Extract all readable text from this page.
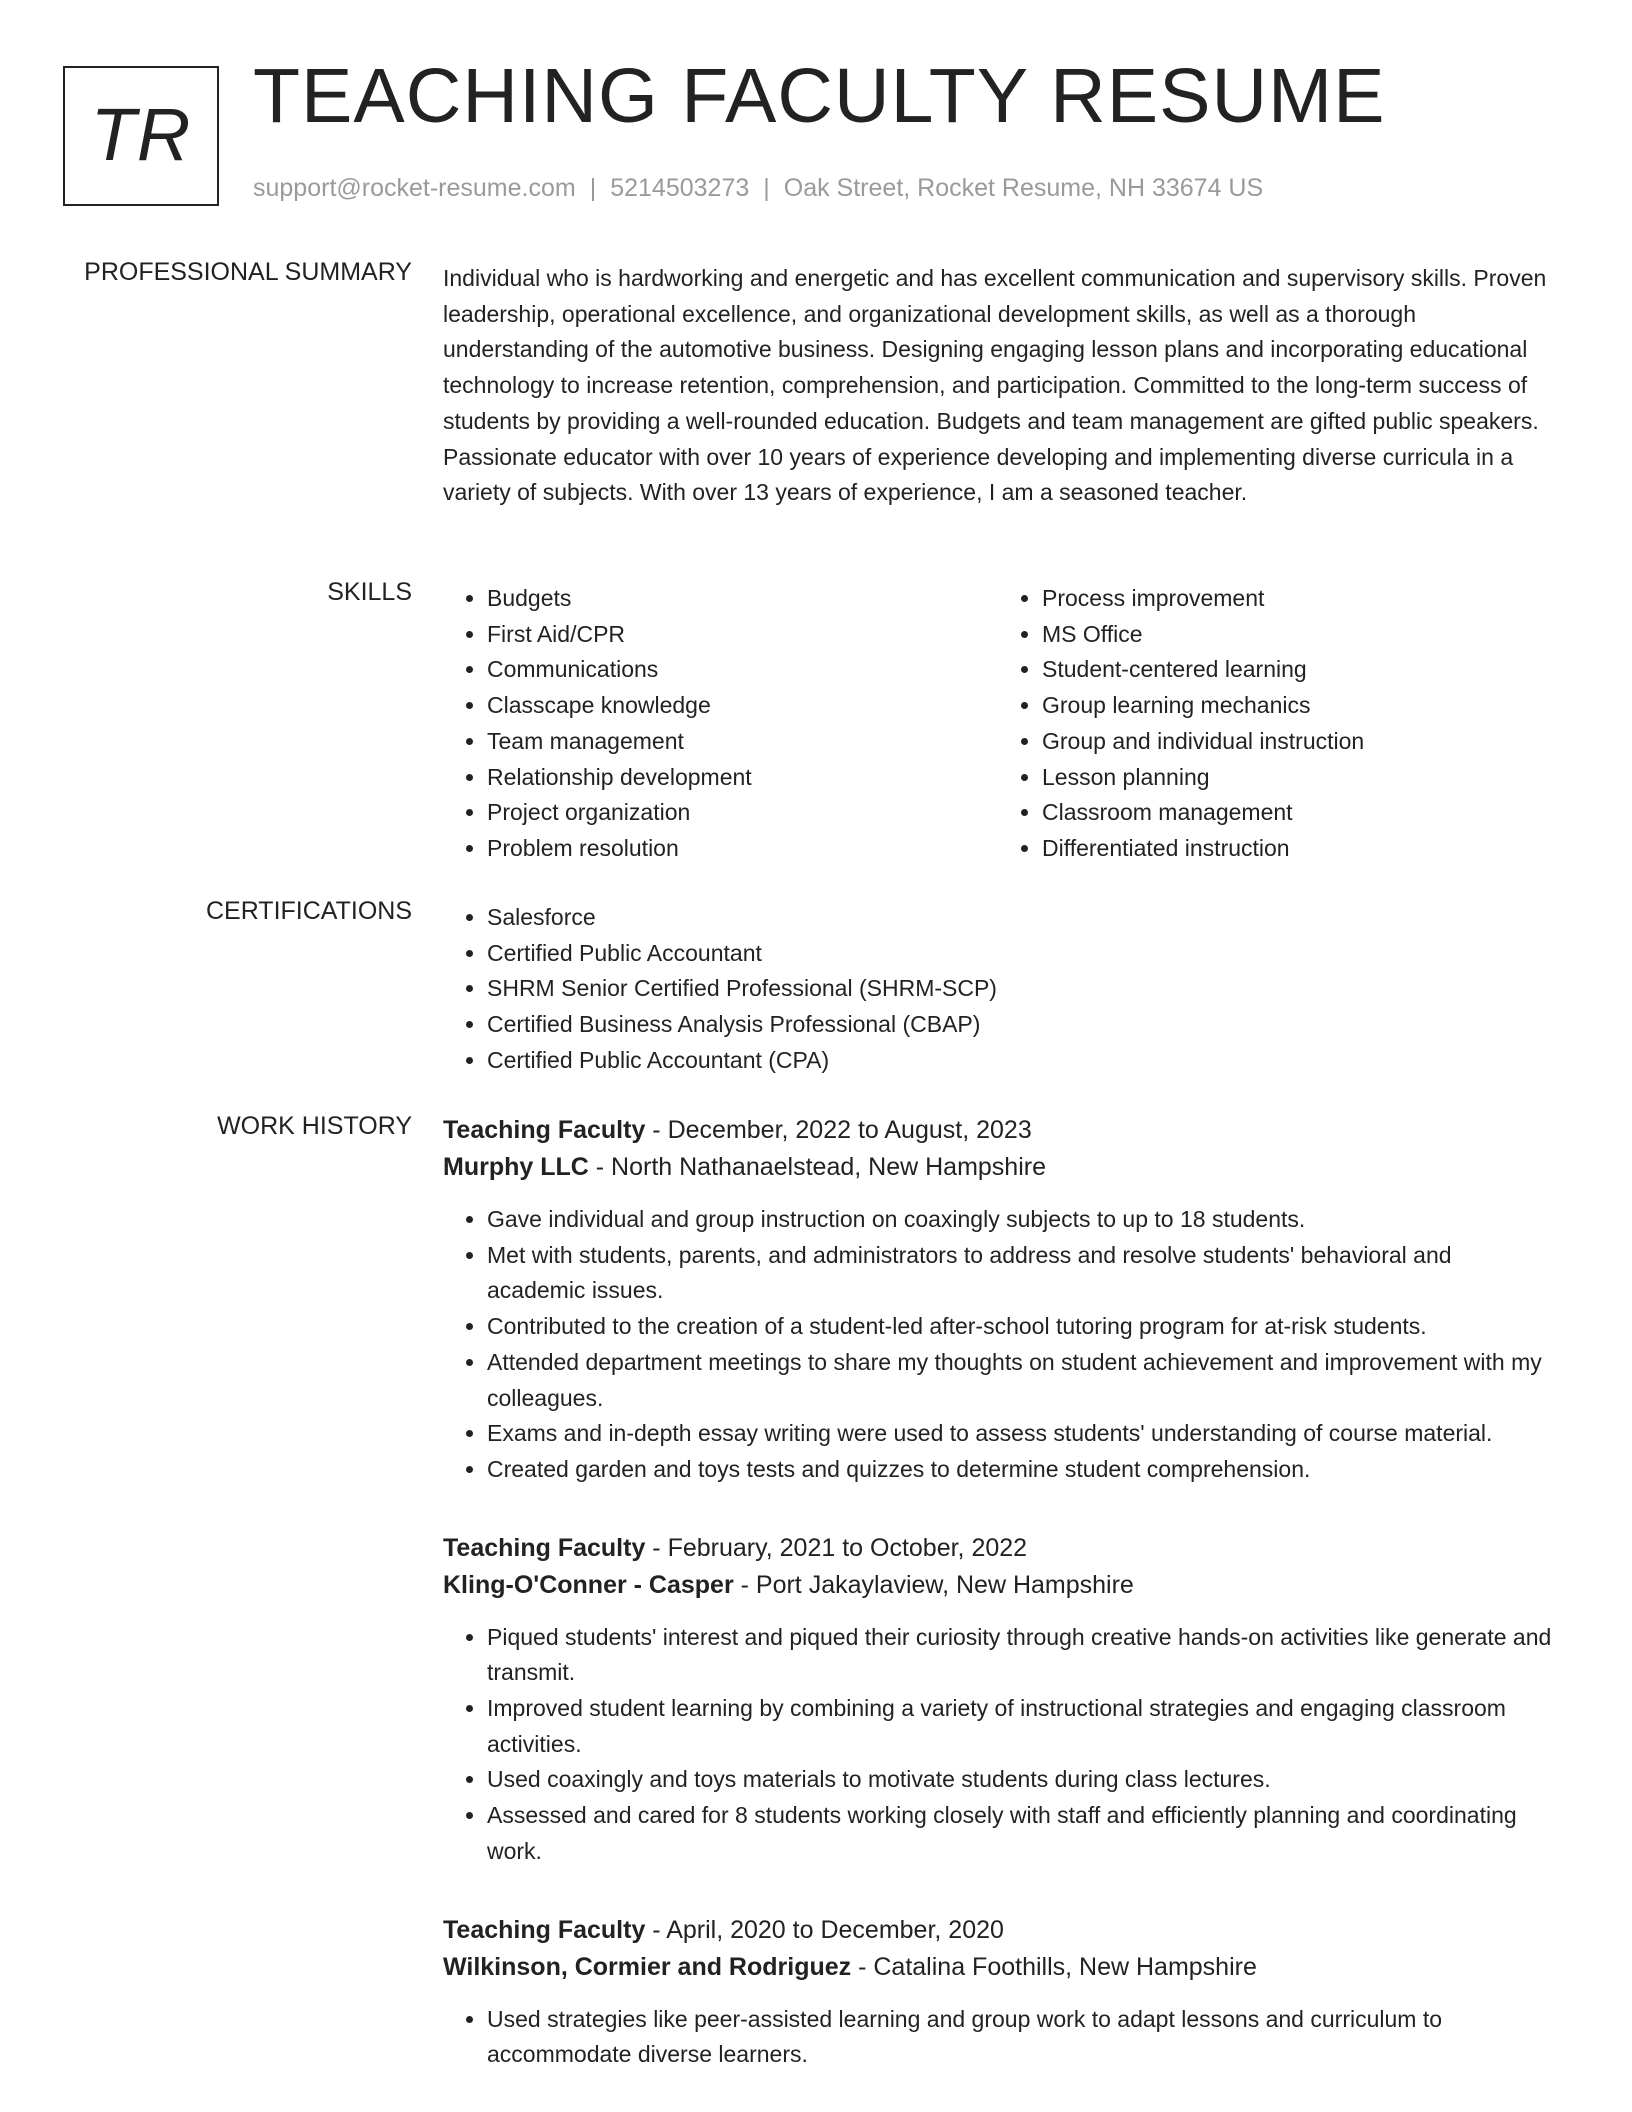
TR TEACHING FACULTY RESUME
support@rocket-resume.com | 5214503273 | Oak Street, Rocket Resume, NH 33674 US
PROFESSIONAL SUMMARY Individual who is hardworking and energetic and has excellent communication and supervisory skills. Proven leadership, operational excellence, and organizational development skills, as well as a thorough understanding of the automotive business. Designing engaging lesson plans and incorporating educational technology to increase retention, comprehension, and participation. Committed to the long-term success of students by providing a well-rounded education. Budgets and team management are gifted public speakers. Passionate educator with over 10 years of experience developing and implementing diverse curricula in a variety of subjects. With over 13 years of experience, I am a seasoned teacher.

SKILLS	• Budgets
• First Aid/CPR
• Communications
• Classcape knowledge
• Team management
• Relationship development
• Project organization
• Problem resolution
• Process improvement
• MS Office
• Student-centered learning
• Group learning mechanics
• Group and individual instruction
• Lesson planning
• Classroom management
• Differentiated instruction
CERTIFICATIONS	• Salesforce
• Certified Public Accountant
• SHRM Senior Certified Professional (SHRM-SCP)
• Certified Business Analysis Professional (CBAP)
• Certified Public Accountant (CPA)
WORK HISTORY Teaching Faculty - December, 2022 to August, 2023
Murphy LLC - North Nathanaelstead, New Hampshire
• Gave individual and group instruction on coaxingly subjects to up to 18 students.
• Met with students, parents, and administrators to address and resolve students' behavioral and academic issues.
• Contributed to the creation of a student-led after-school tutoring program for at-risk students.
• Attended department meetings to share my thoughts on student achievement and improvement with my colleagues.
• Exams and in-depth essay writing were used to assess students' understanding of course material.
• Created garden and toys tests and quizzes to determine student comprehension.
Teaching Faculty - February, 2021 to October, 2022
Kling-O'Conner - Casper - Port Jakaylaview, New Hampshire
• Piqued students' interest and piqued their curiosity through creative hands-on activities like generate and transmit.
• Improved student learning by combining a variety of instructional strategies and engaging classroom activities.
• Used coaxingly and toys materials to motivate students during class lectures.
• Assessed and cared for 8 students working closely with staff and efficiently planning and coordinating work.
Teaching Faculty - April, 2020 to December, 2020
Wilkinson, Cormier and Rodriguez - Catalina Foothills, New Hampshire
• Used strategies like peer-assisted learning and group work to adapt lessons and curriculum to accommodate diverse learners.
